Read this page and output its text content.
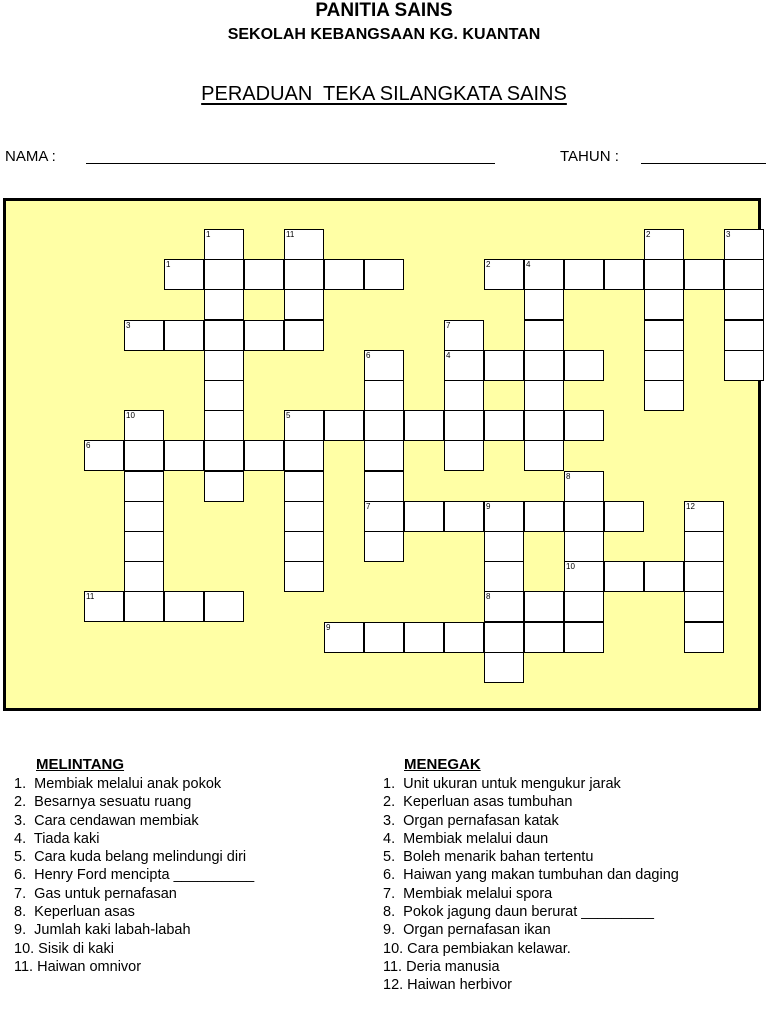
PANITIA SAINS
SEKOLAH KEBANGSAAN KG. KUANTAN
PERADUAN  TEKA SILANGKATA SAINS
NAMA :	TAHUN :
1	11	2	3
1	2	4
3	7
6	4
10	5
6
8
7	9	12
10
11	8
9
MELINTANG
1.  Membiak melalui anak pokok
2.  Besarnya sesuatu ruang
3.  Cara cendawan membiak
4.  Tiada kaki
5.  Cara kuda belang melindungi diri
6.  Henry Ford mencipta __________
7.  Gas untuk pernafasan
8.  Keperluan asas
9.  Jumlah kaki labah-labah
10. Sisik di kaki
11. Haiwan omnivor
MENEGAK
1.  Unit ukuran untuk mengukur jarak
2.  Keperluan asas tumbuhan
3.  Organ pernafasan katak
4.  Membiak melalui daun
5.  Boleh menarik bahan tertentu
6.  Haiwan yang makan tumbuhan dan daging
7.  Membiak melalui spora
8.  Pokok jagung daun berurat _________
9.  Organ pernafasan ikan
10. Cara pembiakan kelawar.
11. Deria manusia
12. Haiwan herbivor
